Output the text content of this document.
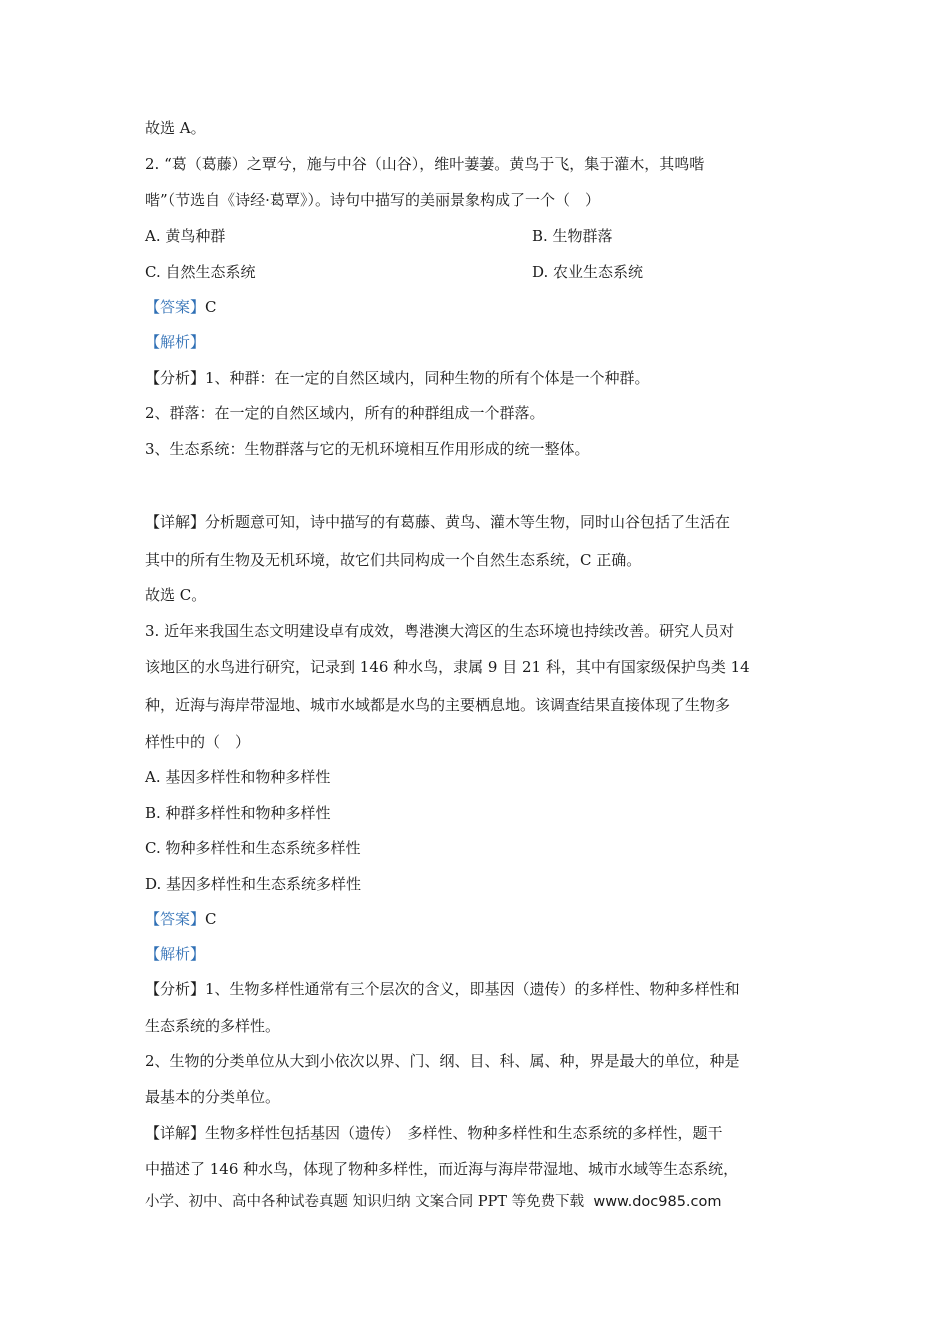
故选 A。
2. “葛（葛藤）之覃兮，施与中谷（山谷），维叶萋萋。黄鸟于飞，集于灌木，其鸣喈
喈”（节选自《诗经·葛覃》）。诗句中描写的美丽景象构成了一个（　）
A. 黄鸟种群	B. 生物群落
C. 自然生态系统	D. 农业生态系统
【答案】C
【解析】
【分析】1、种群：在一定的自然区域内，同种生物的所有个体是一个种群。
2、群落：在一定的自然区域内，所有的种群组成一个群落。
3、生态系统：生物群落与它的无机环境相互作用形成的统一整体。
【详解】分析题意可知，诗中描写的有葛藤、黄鸟、灌木等生物，同时山谷包括了生活在
其中的所有生物及无机环境，故它们共同构成一个自然生态系统，C 正确。
故选 C。
3. 近年来我国生态文明建设卓有成效，粤港澳大湾区的生态环境也持续改善。研究人员对
该地区的水鸟进行研究，记录到 146 种水鸟，隶属 9 目 21 科，其中有国家级保护鸟类 14
种，近海与海岸带湿地、城市水域都是水鸟的主要栖息地。该调查结果直接体现了生物多
样性中的（　）
A. 基因多样性和物种多样性
B. 种群多样性和物种多样性
C. 物种多样性和生态系统多样性
D. 基因多样性和生态系统多样性
【答案】C
【解析】
【分析】1、生物多样性通常有三个层次的含义，即基因（遗传）的多样性、物种多样性和
生态系统的多样性。
2、生物的分类单位从大到小依次以界、门、纲、目、科、属、种，界是最大的单位，种是
最基本的分类单位。
【详解】生物多样性包括基因（遗传）　多样性、物种多样性和生态系统的多样性，题干
中描述了 146 种水鸟，体现了物种多样性，而近海与海岸带湿地、城市水域等生态系统，
小学、初中、高中各种试卷真题 知识归纳 文案合同 PPT 等免费下载 www.doc985.com
